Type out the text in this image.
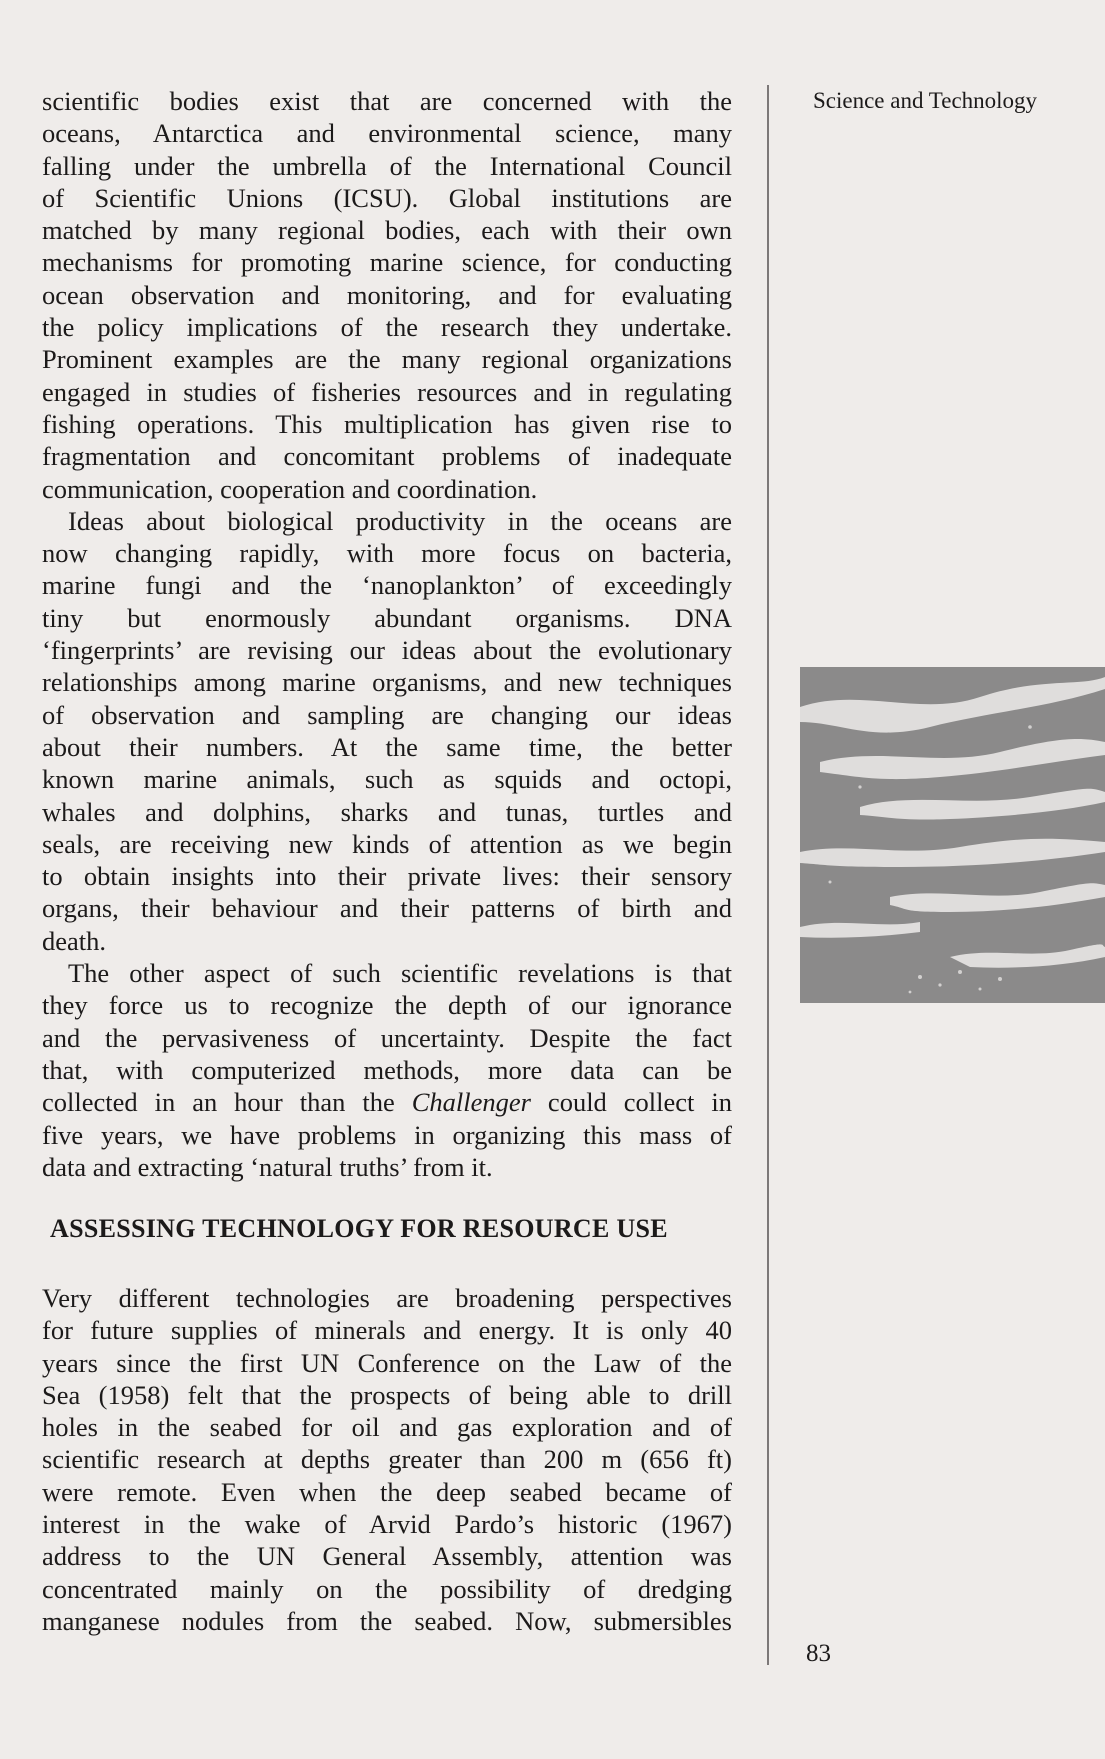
Science and Technology
scientific bodies exist that are concerned with the
oceans, Antarctica and environmental science, many
falling under the umbrella of the International Council
of Scientific Unions (ICSU). Global institutions are
matched by many regional bodies, each with their own
mechanisms for promoting marine science, for conducting
ocean observation and monitoring, and for evaluating
the policy implications of the research they undertake.
Prominent examples are the many regional organizations
engaged in studies of fisheries resources and in regulating
fishing operations. This multiplication has given rise to
fragmentation and concomitant problems of inadequate
communication, cooperation and coordination.
Ideas about biological productivity in the oceans are
now changing rapidly, with more focus on bacteria,
marine fungi and the ‘nanoplankton’ of exceedingly
tiny but enormously abundant organisms. DNA
‘fingerprints’ are revising our ideas about the evolutionary
relationships among marine organisms, and new techniques
of observation and sampling are changing our ideas
about their numbers. At the same time, the better
known marine animals, such as squids and octopi,
whales and dolphins, sharks and tunas, turtles and
seals, are receiving new kinds of attention as we begin
to obtain insights into their private lives: their sensory
organs, their behaviour and their patterns of birth and
death.
The other aspect of such scientific revelations is that
they force us to recognize the depth of our ignorance
and the pervasiveness of uncertainty. Despite the fact
that, with computerized methods, more data can be
collected in an hour than the Challenger could collect in
five years, we have problems in organizing this mass of
data and extracting ‘natural truths’ from it.
ASSESSING TECHNOLOGY FOR RESOURCE USE
Very different technologies are broadening perspectives
for future supplies of minerals and energy. It is only 40
years since the first UN Conference on the Law of the
Sea (1958) felt that the prospects of being able to drill
holes in the seabed for oil and gas exploration and of
scientific research at depths greater than 200 m (656 ft)
were remote. Even when the deep seabed became of
interest in the wake of Arvid Pardo’s historic (1967)
address to the UN General Assembly, attention was
concentrated mainly on the possibility of dredging
manganese nodules from the seabed. Now, submersibles
83
